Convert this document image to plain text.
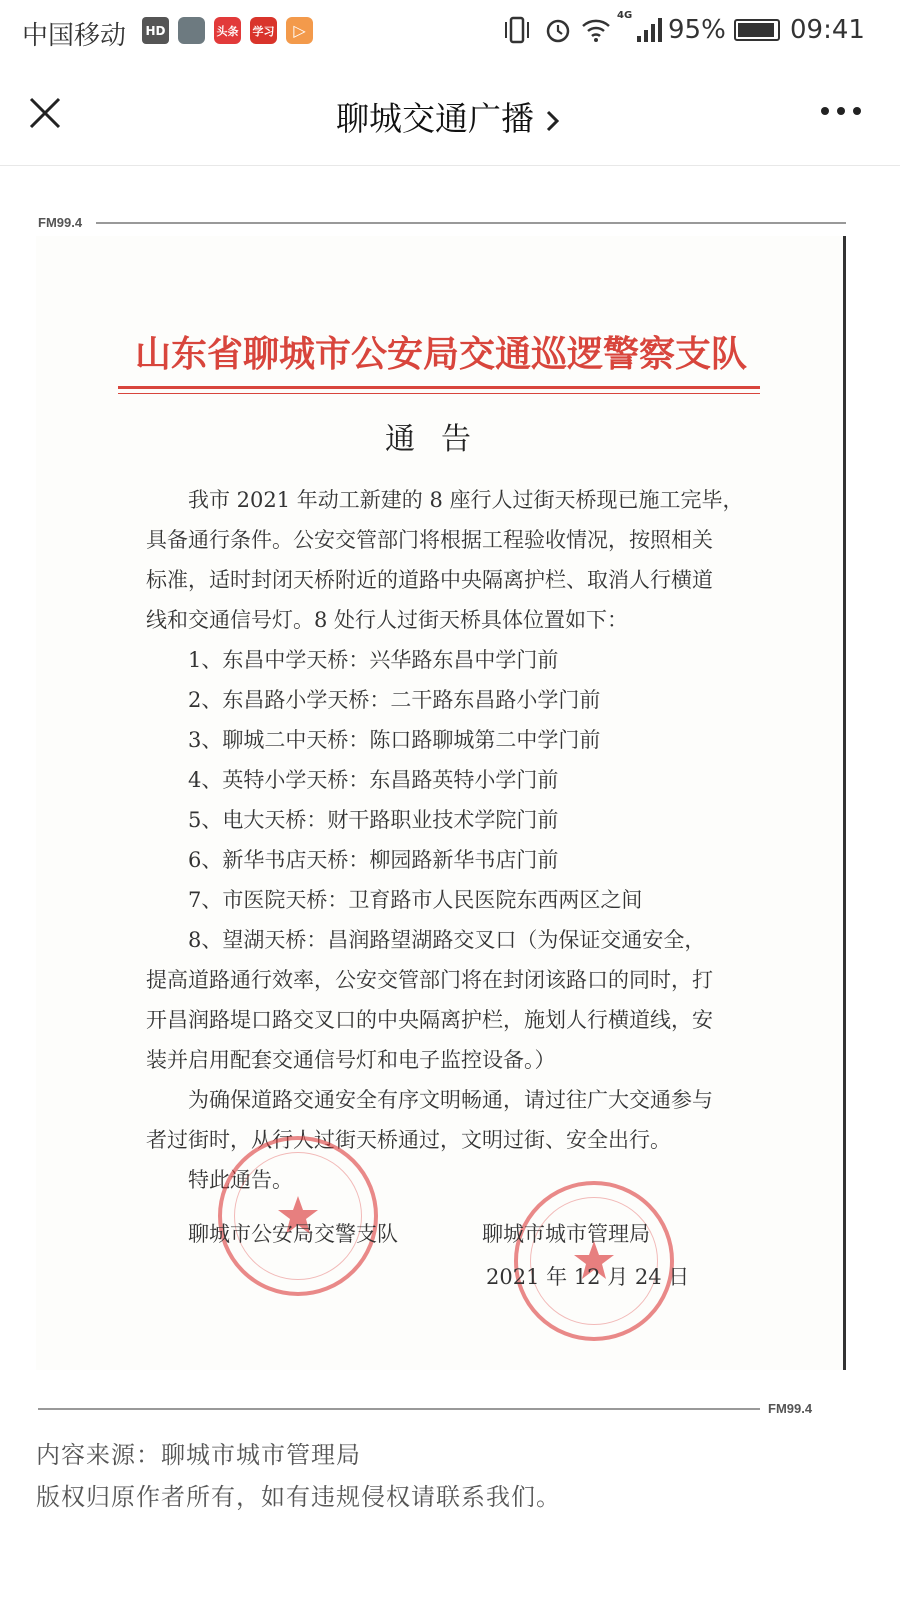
中国移动 HD	头条 学习	▷
4G 95% 09:41
聊城交通广播
FM99.4
山东省聊城市公安局交通巡逻警察支队
通告
　　我市 2021 年动工新建的 8 座行人过街天桥现已施工完毕，
具备通行条件。公安交管部门将根据工程验收情况，按照相关
标准，适时封闭天桥附近的道路中央隔离护栏、取消人行横道
线和交通信号灯。8 处行人过街天桥具体位置如下：
　　1、东昌中学天桥：兴华路东昌中学门前
　　2、东昌路小学天桥：二干路东昌路小学门前
　　3、聊城二中天桥：陈口路聊城第二中学门前
　　4、英特小学天桥：东昌路英特小学门前
　　5、电大天桥：财干路职业技术学院门前
　　6、新华书店天桥：柳园路新华书店门前
　　7、市医院天桥：卫育路市人民医院东西两区之间
　　8、望湖天桥：昌润路望湖路交叉口（为保证交通安全，
提高道路通行效率，公安交管部门将在封闭该路口的同时，打
开昌润路堤口路交叉口的中央隔离护栏，施划人行横道线，安
装并启用配套交通信号灯和电子监控设备。）
　　为确保道路交通安全有序文明畅通，请过往广大交通参与
者过街时，从行人过街天桥通过，文明过街、安全出行。
　　特此通告。
聊城市公安局交警支队	聊城市城市管理局
2021 年 12 月 24 日
FM99.4
内容来源：聊城市城市管理局
版权归原作者所有，如有违规侵权请联系我们。
